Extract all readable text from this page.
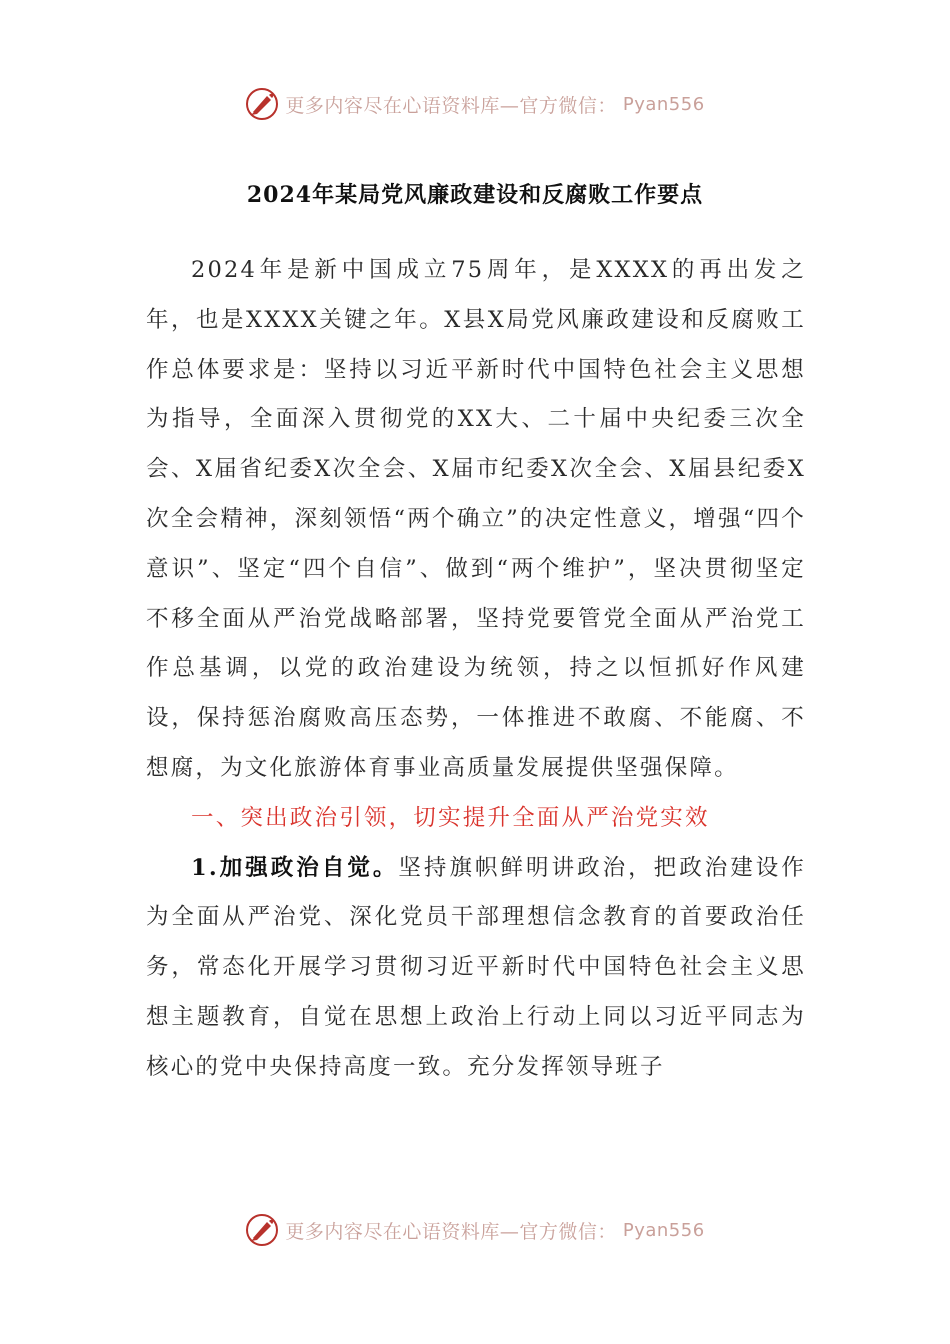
更多内容尽在心语资料库—官方微信： Pyan556
2024年某局党风廉政建设和反腐败工作要点

2024年是新中国成立75周年，是XXXX的再出发之年，也是XXXX关键之年。X县X局党风廉政建设和反腐败工作总体要求是：坚持以习近平新时代中国特色社会主义思想为指导，全面深入贯彻党的XX大、二十届中央纪委三次全会、X届省纪委X次全会、X届市纪委X次全会、X届县纪委X次全会精神，深刻领悟“两个确立”的决定性意义，增强“四个意识”、坚定“四个自信”、做到“两个维护”，坚决贯彻坚定不移全面从严治党战略部署，坚持党要管党全面从严治党工作总基调，以党的政治建设为统领，持之以恒抓好作风建设，保持惩治腐败高压态势，一体推进不敢腐、不能腐、不想腐，为文化旅游体育事业高质量发展提供坚强保障。

一、突出政治引领，切实提升全面从严治党实效

1.加强政治自觉。坚持旗帜鲜明讲政治，把政治建设作为全面从严治党、深化党员干部理想信念教育的首要政治任务，常态化开展学习贯彻习近平新时代中国特色社会主义思想主题教育，自觉在思想上政治上行动上同以习近平同志为核心的党中央保持高度一致。充分发挥领导班子

更多内容尽在心语资料库—官方微信： Pyan556
